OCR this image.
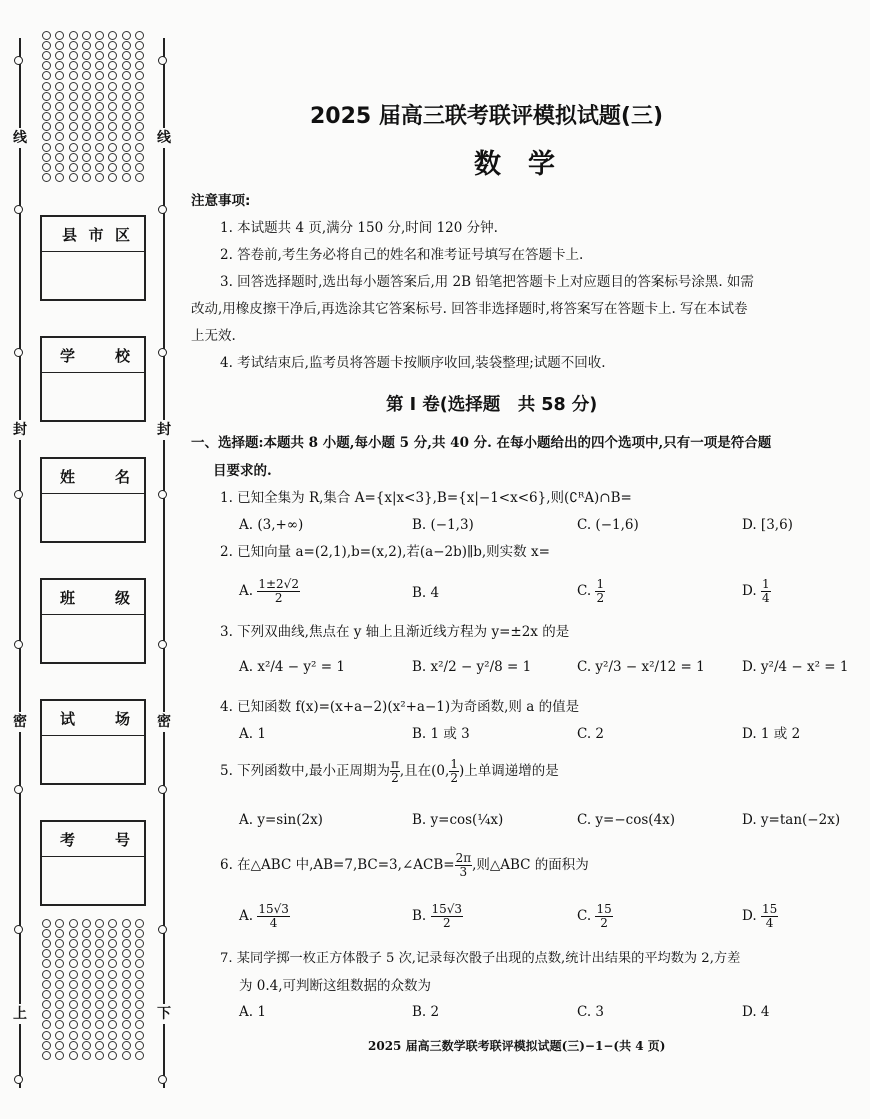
线
封
密
上
线
封
密
下
县 市 区
学	校
姓	名
班	级
试	场
考	号
2025 届高三联考联评模拟试题(三)
数　学
注意事项:
1. 本试题共 4 页,满分 150 分,时间 120 分钟.
2. 答卷前,考生务必将自己的姓名和准考证号填写在答题卡上.
3. 回答选择题时,选出每小题答案后,用 2B 铅笔把答题卡上对应题目的答案标号涂黑. 如需
改动,用橡皮擦干净后,再选涂其它答案标号. 回答非选择题时,将答案写在答题卡上. 写在本试卷
上无效.
4. 考试结束后,监考员将答题卡按顺序收回,装袋整理;试题不回收.
第 Ⅰ 卷(选择题　共 58 分)
一、选择题:本题共 8 小题,每小题 5 分,共 40 分. 在每小题给出的四个选项中,只有一项是符合题
目要求的.
1. 已知全集为 R,集合 A={x|x<3},B={x|−1<x<6},则(∁ᴿA)∩B=
A. (3,+∞)	B. (−1,3)	C. (−1,6)	D. [3,6)
2. 已知向量 a=(2,1),b=(x,2),若(a−2b)∥b,则实数 x=
A. $\frac{1\pm 2√2}{2}$	B. 4	C. $\frac{1}{2}$	D. $\frac{1}{4}$
3. 下列双曲线,焦点在 y 轴上且渐近线方程为 y=±2x 的是
A. x²/4 − y² = 1	B. x²/2 − y²/8 = 1	C. y²/3 − x²/12 = 1	D. y²/4 − x² = 1
4. 已知函数 f(x)=(x+a−2)(x²+a−1)为奇函数,则 a 的值是
A. 1	B. 1 或 3	C. 2	D. 1 或 2
5. 下列函数中,最小正周期为 $\frac{\pi}{2}$ ,且在(0, $\frac{1}{2}$ )上单调递增的是
A. y=sin(2x)	B. y=cos(¼x)	C. y=−cos(4x)	D. y=tan(−2x)
6. 在△ABC 中,AB=7,BC=3,∠ACB= $\frac{2\pi}{3}$ ,则△ABC 的面积为
A. $\frac{15√3}{4}$	B. $\frac{15√3}{2}$	C. $\frac{15}{2}$	D. $\frac{15}{4}$
7. 某同学掷一枚正方体骰子 5 次,记录每次骰子出现的点数,统计出结果的平均数为 2,方差
为 0.4,可判断这组数据的众数为
A. 1	B. 2	C. 3	D. 4
2025 届高三数学联考联评模拟试题(三)−1−(共 4 页)
